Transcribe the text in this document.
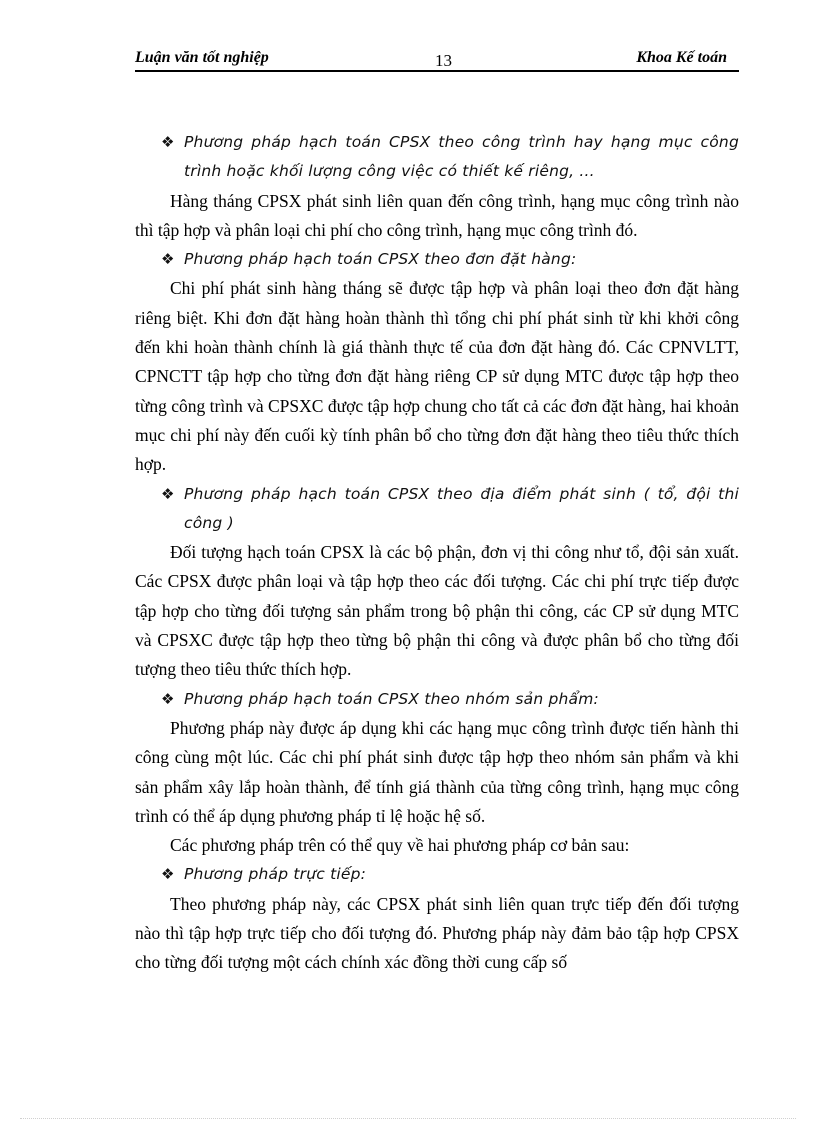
Luận văn tốt nghiệp	13	Khoa Kế toán

❖ Phương pháp hạch toán CPSX theo công trình hay hạng mục công trình hoặc khối lượng công việc có thiết kế riêng, ...

Hàng tháng CPSX phát sinh liên quan đến công trình, hạng mục công trình nào thì tập hợp và phân loại chi phí cho công trình, hạng mục công trình đó.

❖ Phương pháp hạch toán CPSX theo đơn đặt hàng:

Chi phí phát sinh hàng tháng sẽ được tập hợp và phân loại theo đơn đặt hàng riêng biệt. Khi đơn đặt hàng hoàn thành thì tổng chi phí phát sinh từ khi khởi công đến khi hoàn thành chính là giá thành thực tế của đơn đặt hàng đó. Các CPNVLTT, CPNCTT tập hợp cho từng đơn đặt hàng riêng CP sử dụng MTC được tập hợp theo từng công trình và CPSXC được tập hợp chung cho tất cả các đơn đặt hàng, hai khoản mục chi phí này đến cuối kỳ tính phân bổ cho từng đơn đặt hàng theo tiêu thức thích hợp.

❖ Phương pháp hạch toán CPSX theo địa điểm phát sinh ( tổ, đội thi công )

Đối tượng hạch toán CPSX là các bộ phận, đơn vị thi công như tổ, đội sản xuất. Các CPSX được phân loại và tập hợp theo các đối tượng. Các chi phí trực tiếp được tập hợp cho từng đối tượng sản phẩm trong bộ phận thi công, các CP sử dụng MTC và CPSXC được tập hợp theo từng bộ phận thi công và được phân bổ cho từng đối tượng theo tiêu thức thích hợp.

❖ Phương pháp hạch toán CPSX theo nhóm sản phẩm:

Phương pháp này được áp dụng khi các hạng mục công trình được tiến hành thi công cùng một lúc. Các chi phí phát sinh được tập hợp theo nhóm sản phẩm và khi sản phẩm xây lắp hoàn thành, để tính giá thành của từng công trình, hạng mục công trình có thể áp dụng phương pháp tỉ lệ hoặc hệ số.

Các phương pháp trên có thể quy về hai phương pháp cơ bản sau:

❖ Phương pháp trực tiếp:

Theo phương pháp này, các CPSX phát sinh liên quan trực tiếp đến đối tượng nào thì tập hợp trực tiếp cho đối tượng đó. Phương pháp này đảm bảo tập hợp CPSX cho từng đối tượng một cách chính xác đồng thời cung cấp số
